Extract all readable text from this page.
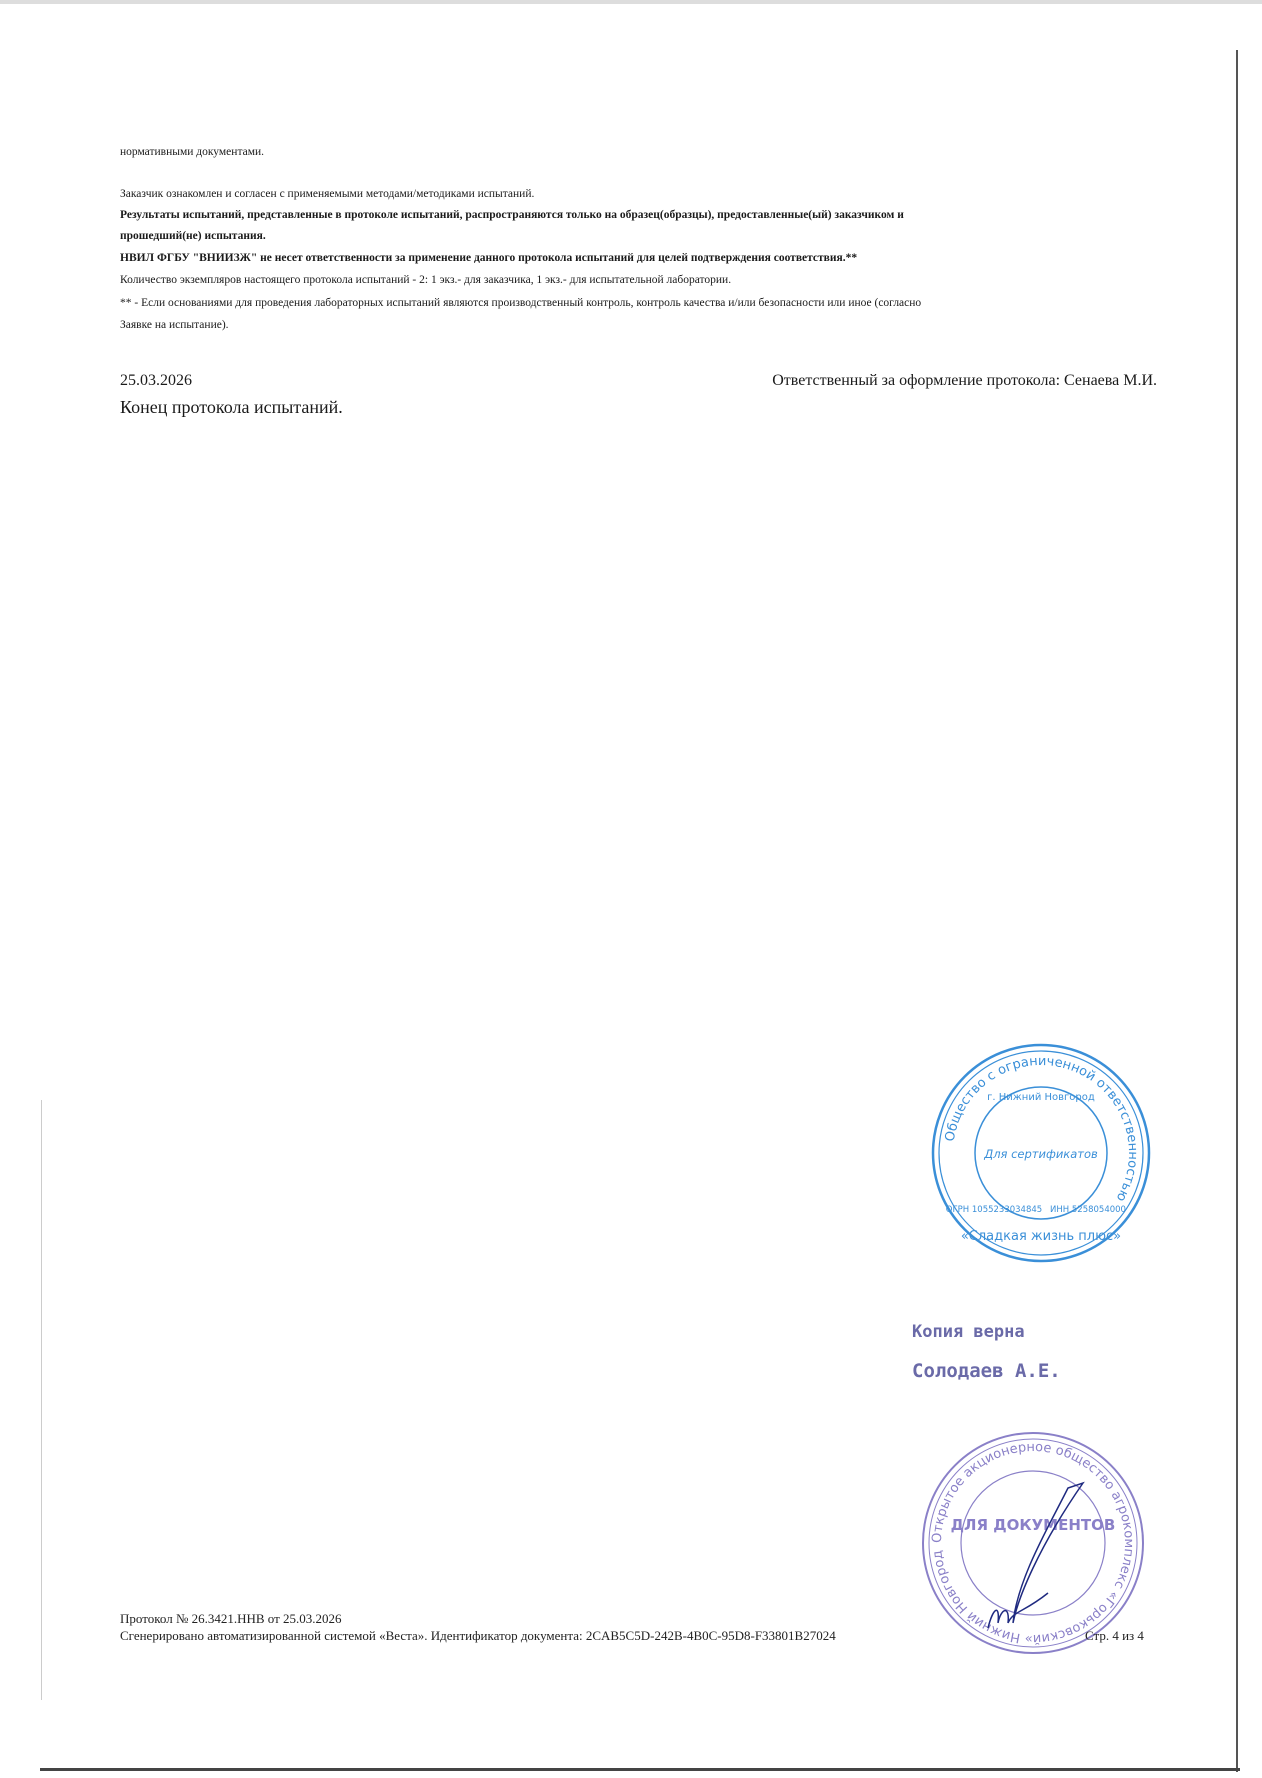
нормативными документами.
Заказчик ознакомлен и согласен с применяемыми методами/методиками испытаний.
Результаты испытаний, представленные в протоколе испытаний, распространяются только на образец(образцы), предоставленные(ый) заказчиком и
прошедший(не) испытания.
НВИЛ ФГБУ "ВНИИЗЖ" не несет ответственности за применение данного протокола испытаний для целей подтверждения соответствия.**
Количество экземпляров настоящего протокола испытаний - 2: 1 экз.- для заказчика, 1 экз.- для испытательной лаборатории.
** - Если основаниями для проведения лабораторных испытаний являются производственный контроль, контроль качества и/или безопасности или иное (согласно
Заявке на испытание).
25.03.2026	Ответственный за оформление протокола: Сенаева М.И.
Конец протокола испытаний.
Общество с ограниченной ответственностью
г. Нижний Новгород
Для сертификатов
ОГРН 1055233034845 ИНН 5258054000
«Сладкая жизнь плюс»
Копия верна
Солодаев А.Е.
Открытое акционерное общество агрокомплекс «Горьковский» Нижний Новгород
ДЛЯ ДОКУМЕНТОВ
Протокол № 26.3421.ННВ от 25.03.2026
Сгенерировано автоматизированной системой «Веста». Идентификатор документа: 2CAB5C5D-242B-4B0C-95D8-F33801B27024	Стр. 4 из 4
